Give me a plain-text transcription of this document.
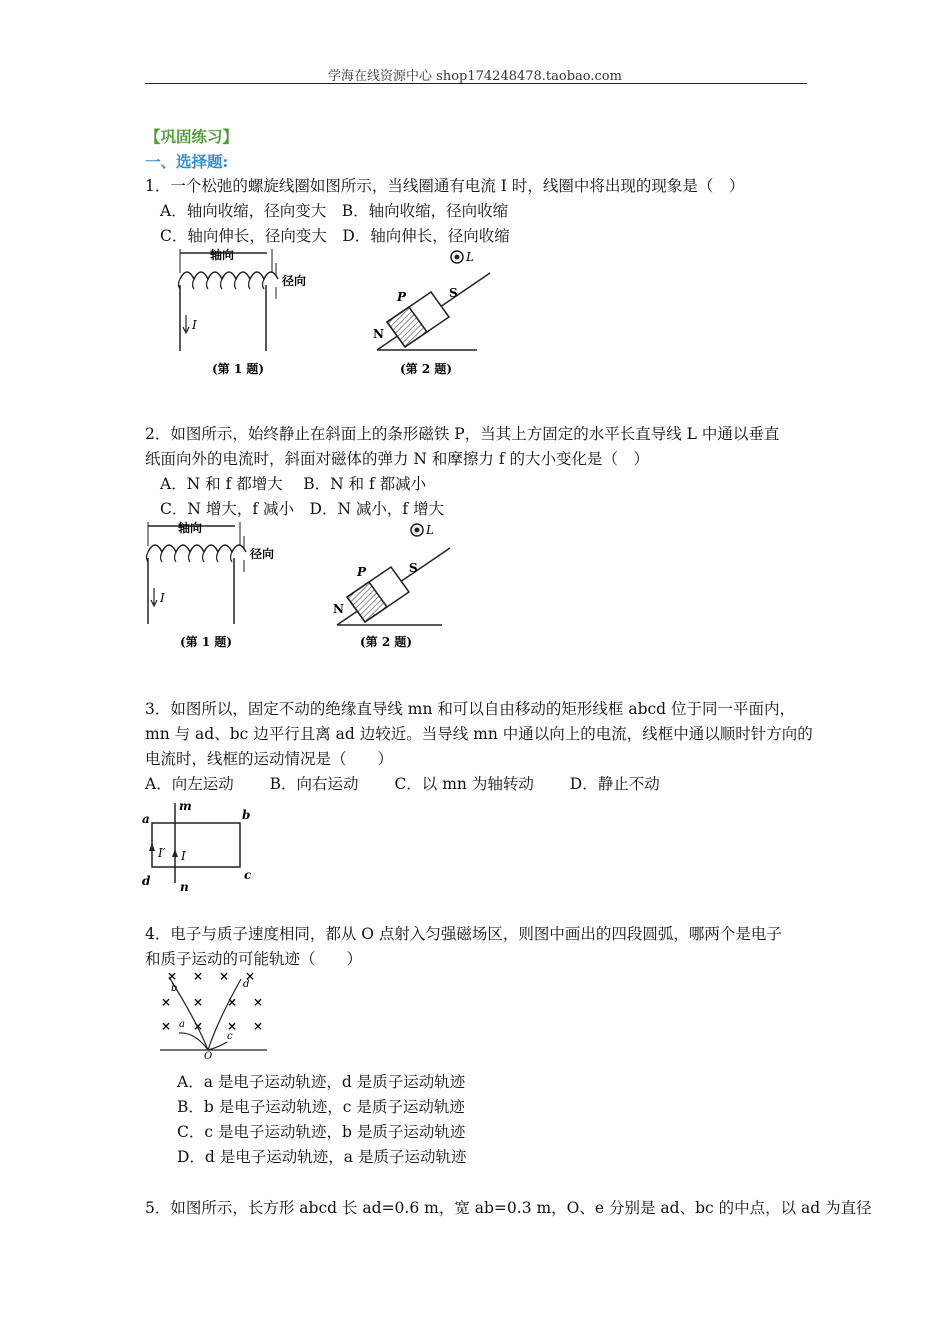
学海在线资源中心 shop174248478.taobao.com
【巩固练习】
一、选择题:
1．一个松弛的螺旋线圈如图所示，当线圈通有电流 I 时，线圈中将出现的现象是（　）
A．轴向收缩，径向变大　B．轴向收缩，径向收缩
C．轴向伸长，径向变大　D．轴向伸长，径向收缩
轴向
径向
I
(第 1 题)
L
P	S
N
(第 2 题)
2．如图所示，始终静止在斜面上的条形磁铁 P，当其上方固定的水平长直导线 L 中通以垂直
纸面向外的电流时，斜面对磁体的弹力 N 和摩擦力 f 的大小变化是（　）
A．N 和 f 都增大　 B．N 和 f 都减小
C．N 增大，f 减小　D．N 减小，f 增大
轴向
径向
I
(第 1 题)
L
P	S
N
(第 2 题)
3．如图所以，固定不动的绝缘直导线 mn 和可以自由移动的矩形线框 abcd 位于同一平面内，
mn 与 ad、bc 边平行且离 ad 边较近。当导线 mn 中通以向上的电流，线框中通以顺时针方向的
电流时，线框的运动情况是（　　）
A．向左运动　　 B．向右运动　　 C．以 mn 为轴转动　　 D．静止不动
m
n
a	b
c
d
I
I′
4．电子与质子速度相同，都从 O 点射入匀强磁场区，则图中画出的四段圆弧，哪两个是电子
和质子运动的可能轨迹（　　）
× × × ×
× × × ×
× × × ×
b
a
d
c
O
A．a 是电子运动轨迹，d 是质子运动轨迹
B．b 是电子运动轨迹，c 是质子运动轨迹
C．c 是电子运动轨迹，b 是质子运动轨迹
D．d 是电子运动轨迹，a 是质子运动轨迹
5．如图所示，长方形 abcd 长 ad=0.6 m，宽 ab=0.3 m，O、e 分别是 ad、bc 的中点，以 ad 为直径
